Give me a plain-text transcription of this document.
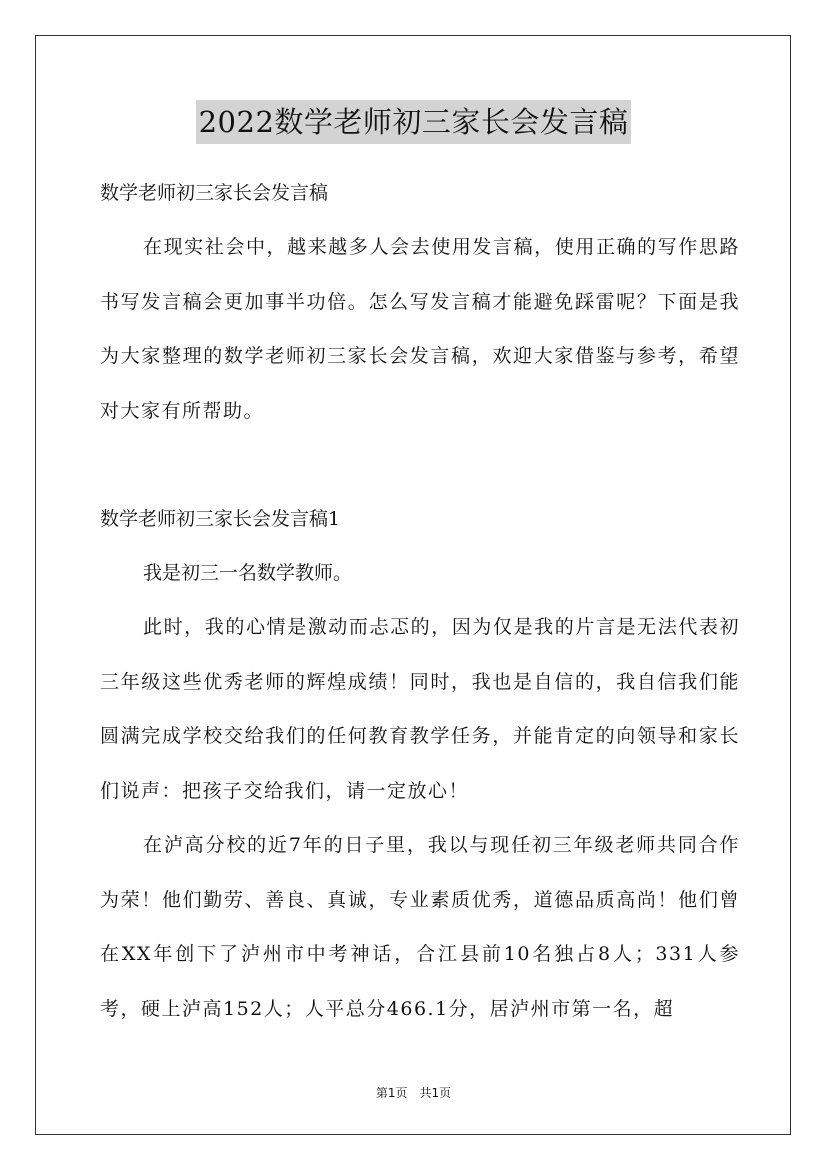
2022数学老师初三家长会发言稿

数学老师初三家长会发言稿

在现实社会中，越来越多人会去使用发言稿，使用正确的写作思路书写发言稿会更加事半功倍。怎么写发言稿才能避免踩雷呢？下面是我为大家整理的数学老师初三家长会发言稿，欢迎大家借鉴与参考，希望对大家有所帮助。

数学老师初三家长会发言稿1

我是初三一名数学教师。

此时，我的心情是激动而忐忑的，因为仅是我的片言是无法代表初三年级这些优秀老师的辉煌成绩！同时，我也是自信的，我自信我们能圆满完成学校交给我们的任何教育教学任务，并能肯定的向领导和家长们说声：把孩子交给我们，请一定放心！

在泸高分校的近7年的日子里，我以与现任初三年级老师共同合作为荣！他们勤劳、善良、真诚，专业素质优秀，道德品质高尚！他们曾在XX年创下了泸州市中考神话，合江县前10名独占8人；331人参考，硬上泸高152人；人平总分466.1分，居泸州市第一名，超

第1页　共1页
